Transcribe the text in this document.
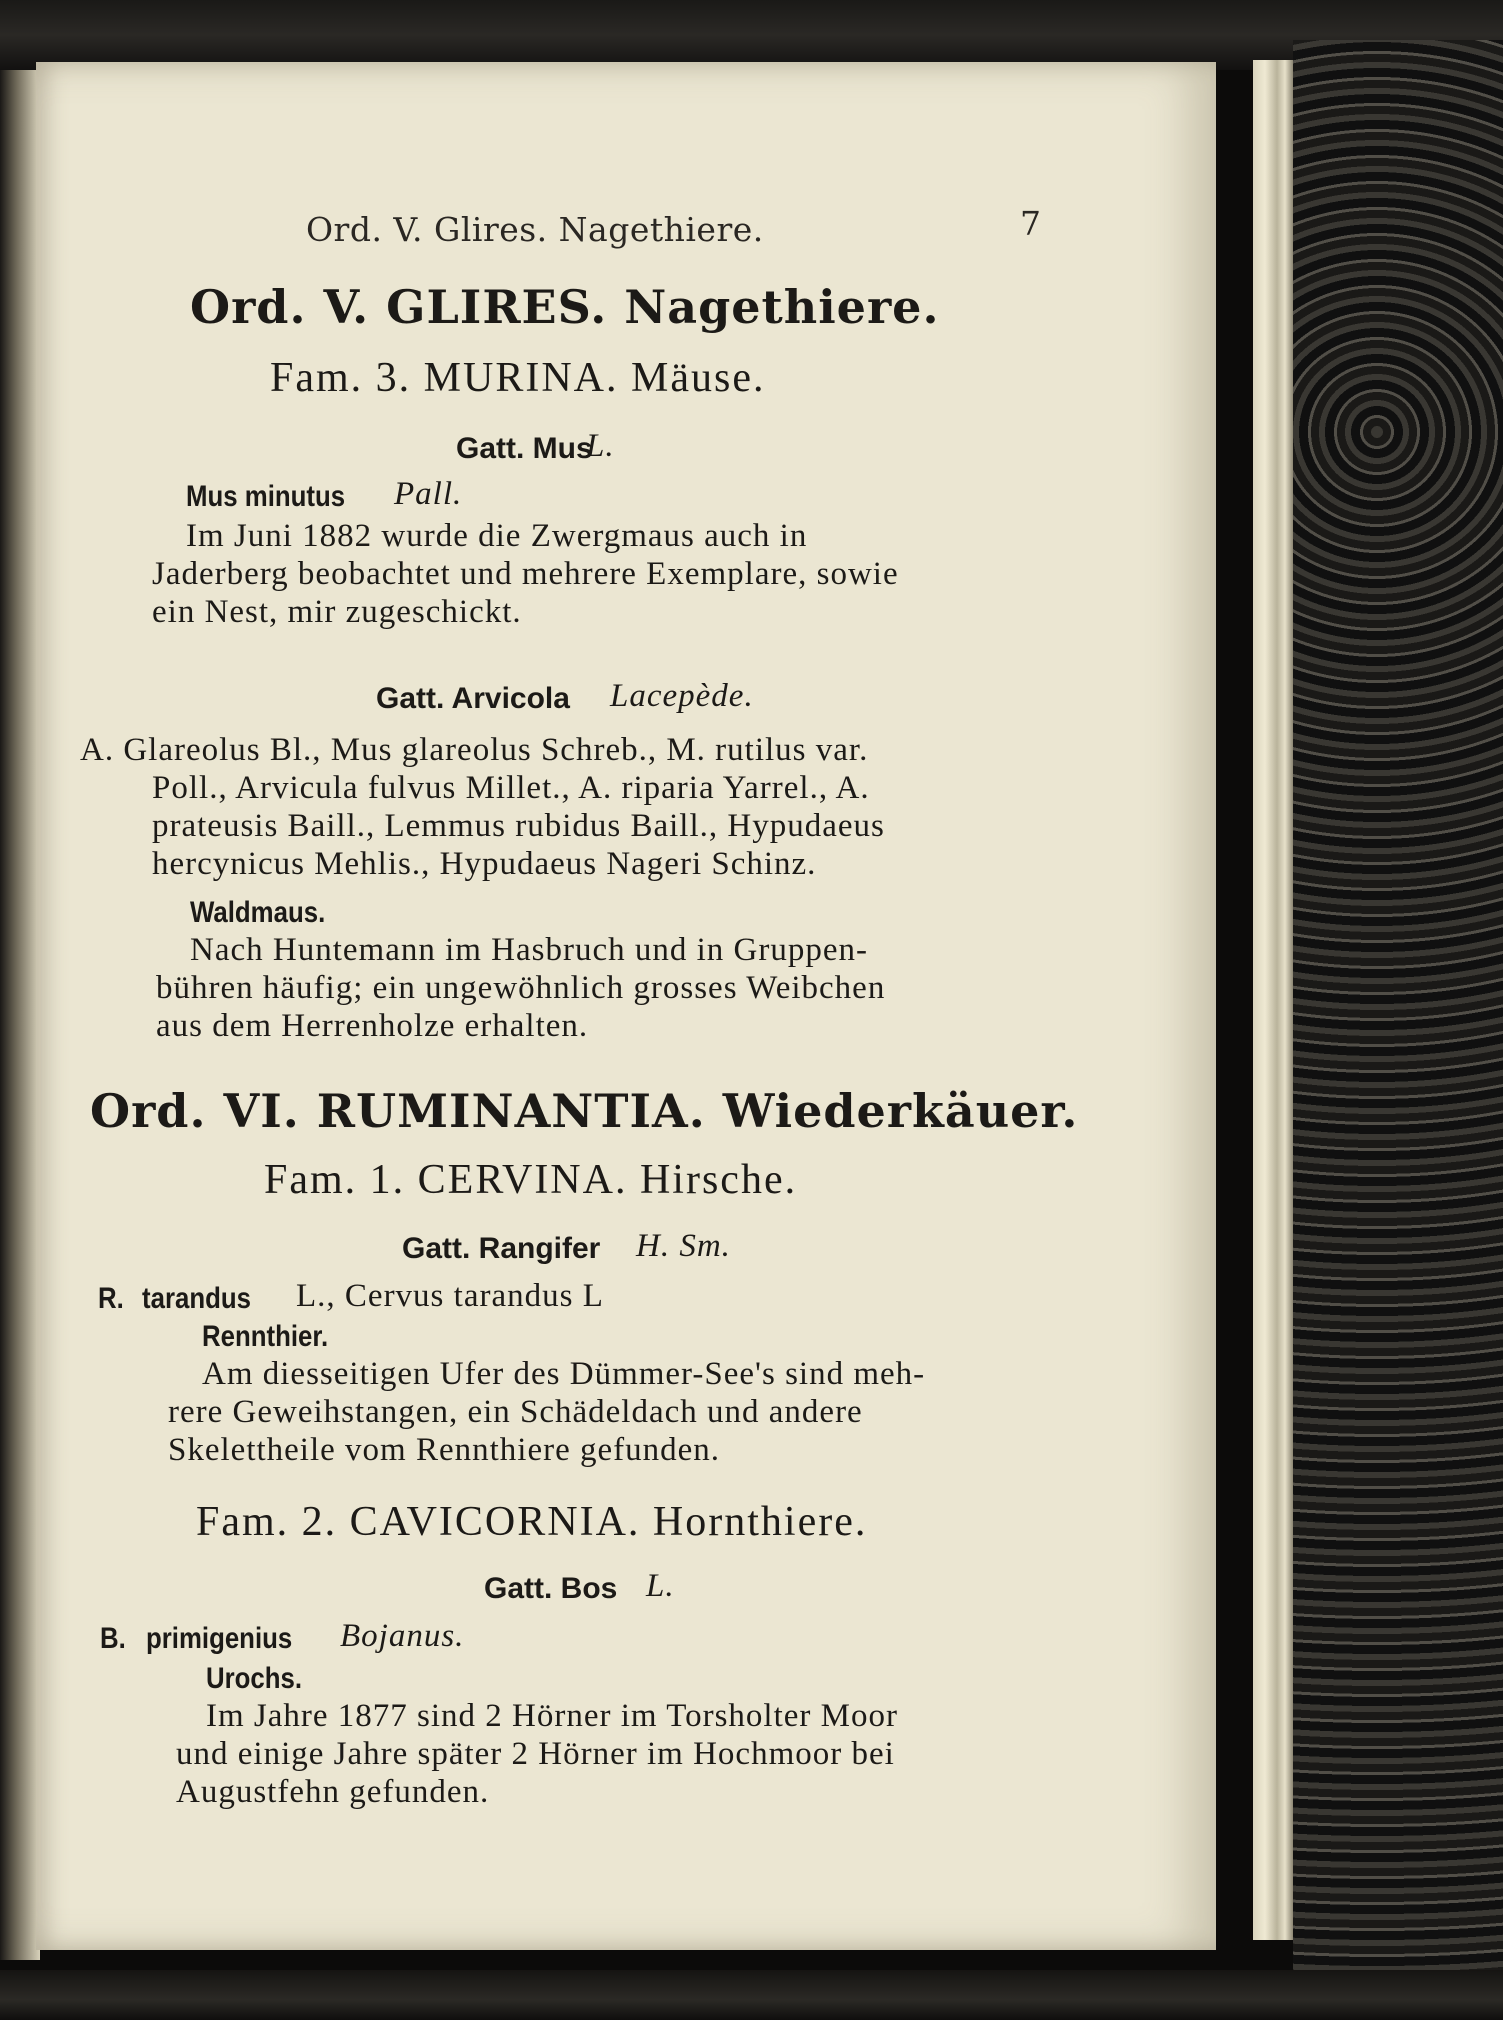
Ord. V. Glires. Nagethiere.	7
Ord. V. GLIRES. Nagethiere.
Fam. 3. MURINA. Mäuse.
Gatt. Mus
L.
Mus minutus	Pall.
Im Juni 1882 wurde die Zwergmaus auch in
Jaderberg beobachtet und mehrere Exemplare, sowie
ein Nest, mir zugeschickt.
Gatt. Arvicola Lacepède.
A. Glareolus Bl., Mus glareolus Schreb., M. rutilus var.
Poll., Arvicula fulvus Millet., A. riparia Yarrel., A.
prateusis Baill., Lemmus rubidus Baill., Hypudaeus
hercynicus Mehlis., Hypudaeus Nageri Schinz.
Waldmaus.
Nach Huntemann im Hasbruch und in Gruppen-
bühren häufig; ein ungewöhnlich grosses Weibchen
aus dem Herrenholze erhalten.
Ord. VI. RUMINANTIA. Wiederkäuer.
Fam. 1. CERVINA. Hirsche.
Gatt. Rangifer H. Sm.
R. tarandus	L., Cervus tarandus L
Rennthier.
Am diesseitigen Ufer des Dümmer-See's sind meh-
rere Geweihstangen, ein Schädeldach und andere
Skelettheile vom Rennthiere gefunden.
Fam. 2. CAVICORNIA. Hornthiere.
Gatt. Bos L.
B. primigenius	Bojanus.
Urochs.
Im Jahre 1877 sind 2 Hörner im Torsholter Moor
und einige Jahre später 2 Hörner im Hochmoor bei
Augustfehn gefunden.
